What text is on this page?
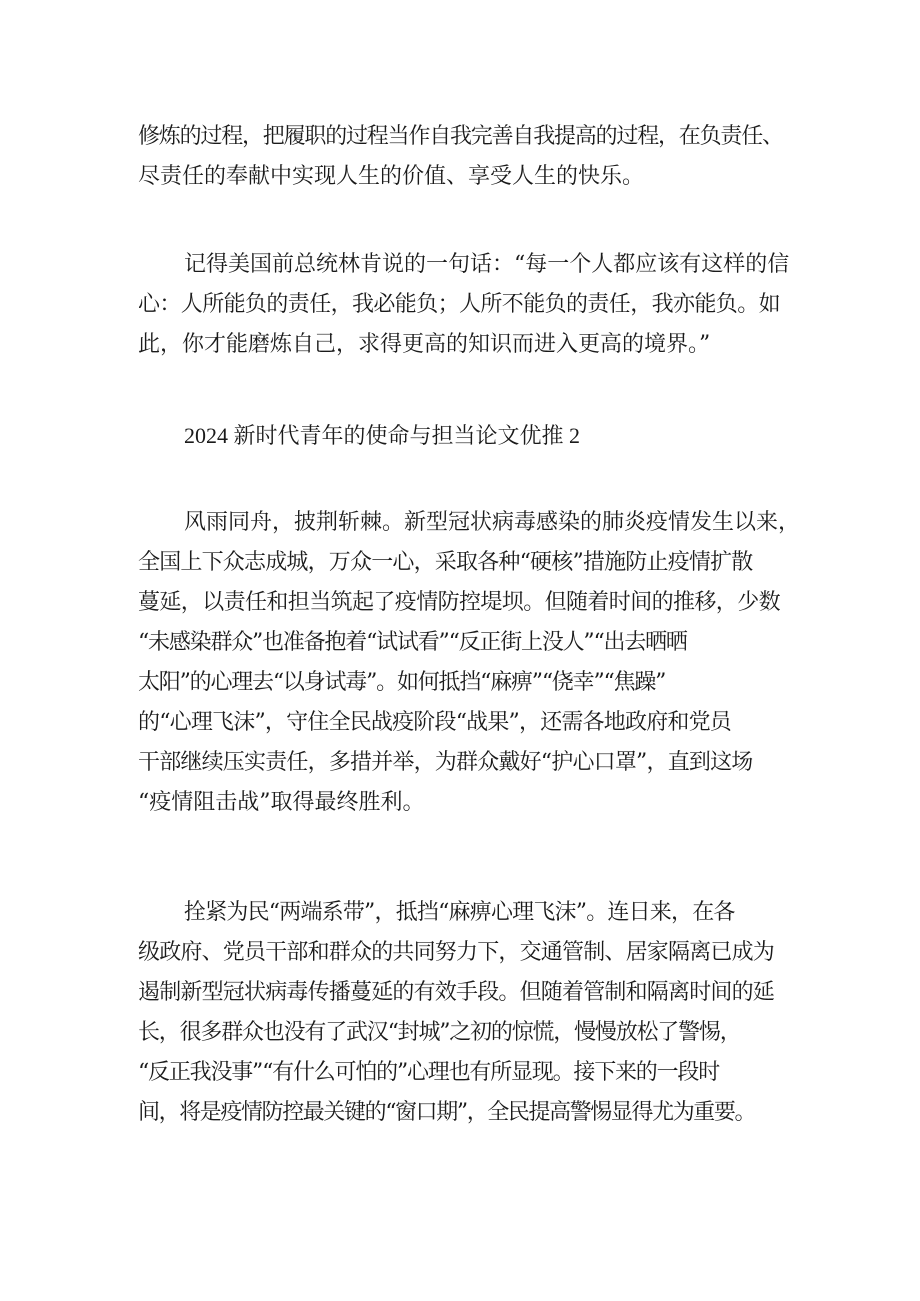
修炼的过程，把履职的过程当作自我完善自我提高的过程，在负责任、
尽责任的奉献中实现人生的价值、享受人生的快乐。
记得美国前总统林肯说的一句话：“每一个人都应该有这样的信
心：人所能负的责任，我必能负；人所不能负的责任，我亦能负。如
此，你才能磨炼自己，求得更高的知识而进入更高的境界。”
2024 新时代青年的使命与担当论文优推 2
风雨同舟，披荆斩棘。新型冠状病毒感染的肺炎疫情发生以来，
全国上下众志成城，万众一心，采取各种“硬核”措施防止疫情扩散
蔓延，以责任和担当筑起了疫情防控堤坝。但随着时间的推移，少数
“未感染群众”也准备抱着“试试看”“反正街上没人”“出去晒晒
太阳”的心理去“以身试毒”。如何抵挡“麻痹”“侥幸”“焦躁”
的“心理飞沫”，守住全民战疫阶段“战果”，还需各地政府和党员
干部继续压实责任，多措并举，为群众戴好“护心口罩”，直到这场
“疫情阻击战”取得最终胜利。
拴紧为民“两端系带”，抵挡“麻痹心理飞沫”。连日来，在各
级政府、党员干部和群众的共同努力下，交通管制、居家隔离已成为
遏制新型冠状病毒传播蔓延的有效手段。但随着管制和隔离时间的延
长，很多群众也没有了武汉“封城”之初的惊慌，慢慢放松了警惕，
“反正我没事”“有什么可怕的”心理也有所显现。接下来的一段时
间，将是疫情防控最关键的“窗口期”，全民提高警惕显得尤为重要。
